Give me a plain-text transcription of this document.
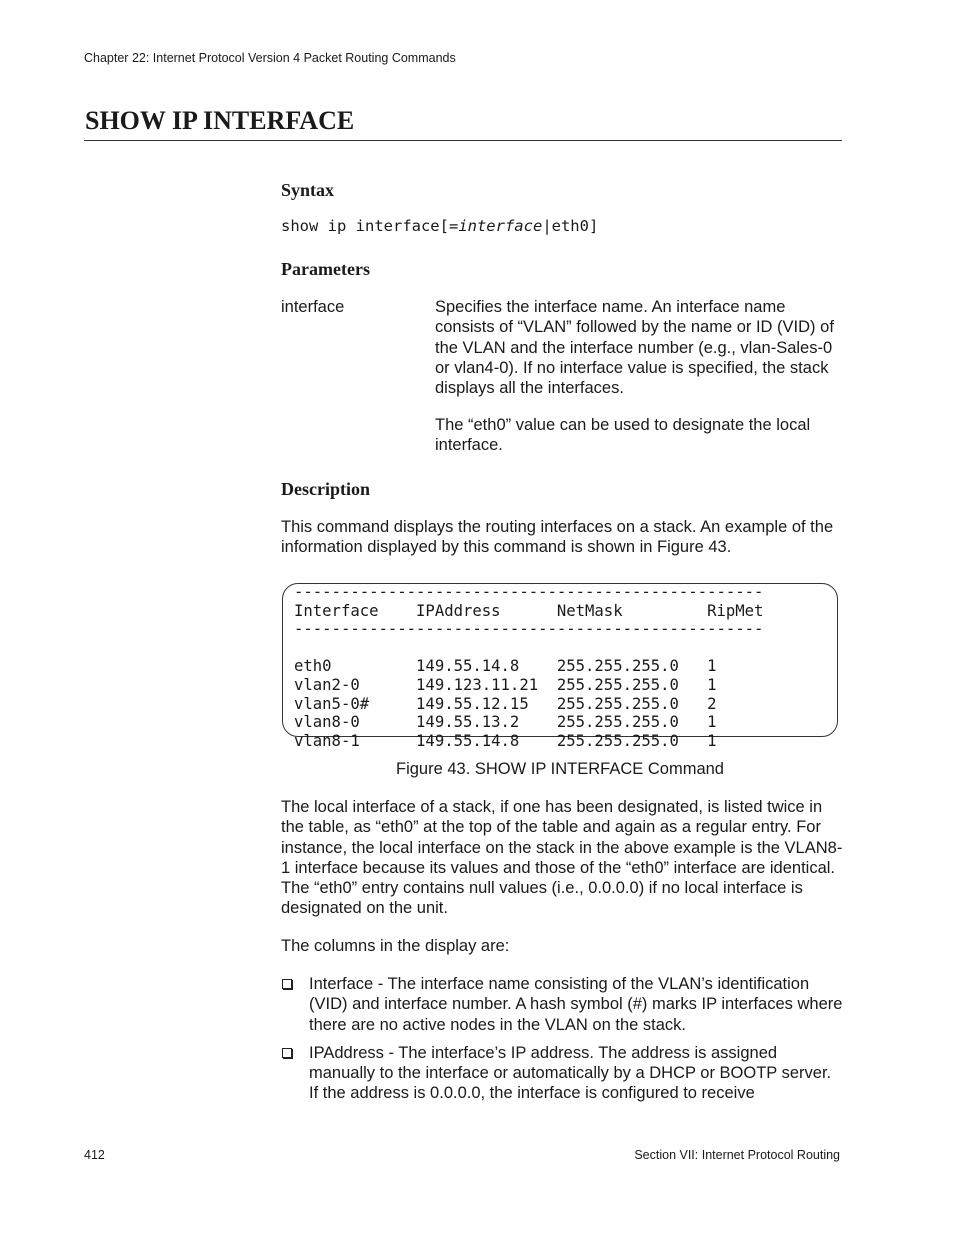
Chapter 22: Internet Protocol Version 4 Packet Routing Commands
SHOW IP INTERFACE
Syntax
show ip interface[=interface|eth0]
Parameters
interface	Specifies the interface name. An interface name consists of “VLAN” followed by the name or ID (VID) of the VLAN and the interface number (e.g., vlan-Sales-0 or vlan4-0). If no interface value is specified, the stack displays all the interfaces.
The “eth0” value can be used to designate the local interface.
Description
This command displays the routing interfaces on a stack. An example of the information displayed by this command is shown in Figure 43.
--------------------------------------------------
Interface    IPAddress      NetMask         RipMet
--------------------------------------------------

eth0         149.55.14.8    255.255.255.0   1
vlan2-0      149.123.11.21  255.255.255.0   1
vlan5-0#     149.55.12.15   255.255.255.0   2
vlan8-0      149.55.13.2    255.255.255.0   1
vlan8-1      149.55.14.8    255.255.255.0   1
Figure 43. SHOW IP INTERFACE Command
The local interface of a stack, if one has been designated, is listed twice in the table, as “eth0” at the top of the table and again as a regular entry. For instance, the local interface on the stack in the above example is the VLAN8-1 interface because its values and those of the “eth0” interface are identical. The “eth0” entry contains null values (i.e., 0.0.0.0) if no local interface is designated on the unit.
The columns in the display are:
Interface - The interface name consisting of the VLAN’s identification (VID) and interface number. A hash symbol (#) marks IP interfaces where there are no active nodes in the VLAN on the stack.
IPAddress - The interface’s IP address. The address is assigned manually to the interface or automatically by a DHCP or BOOTP server. If the address is 0.0.0.0, the interface is configured to receive
412	Section VII: Internet Protocol Routing
